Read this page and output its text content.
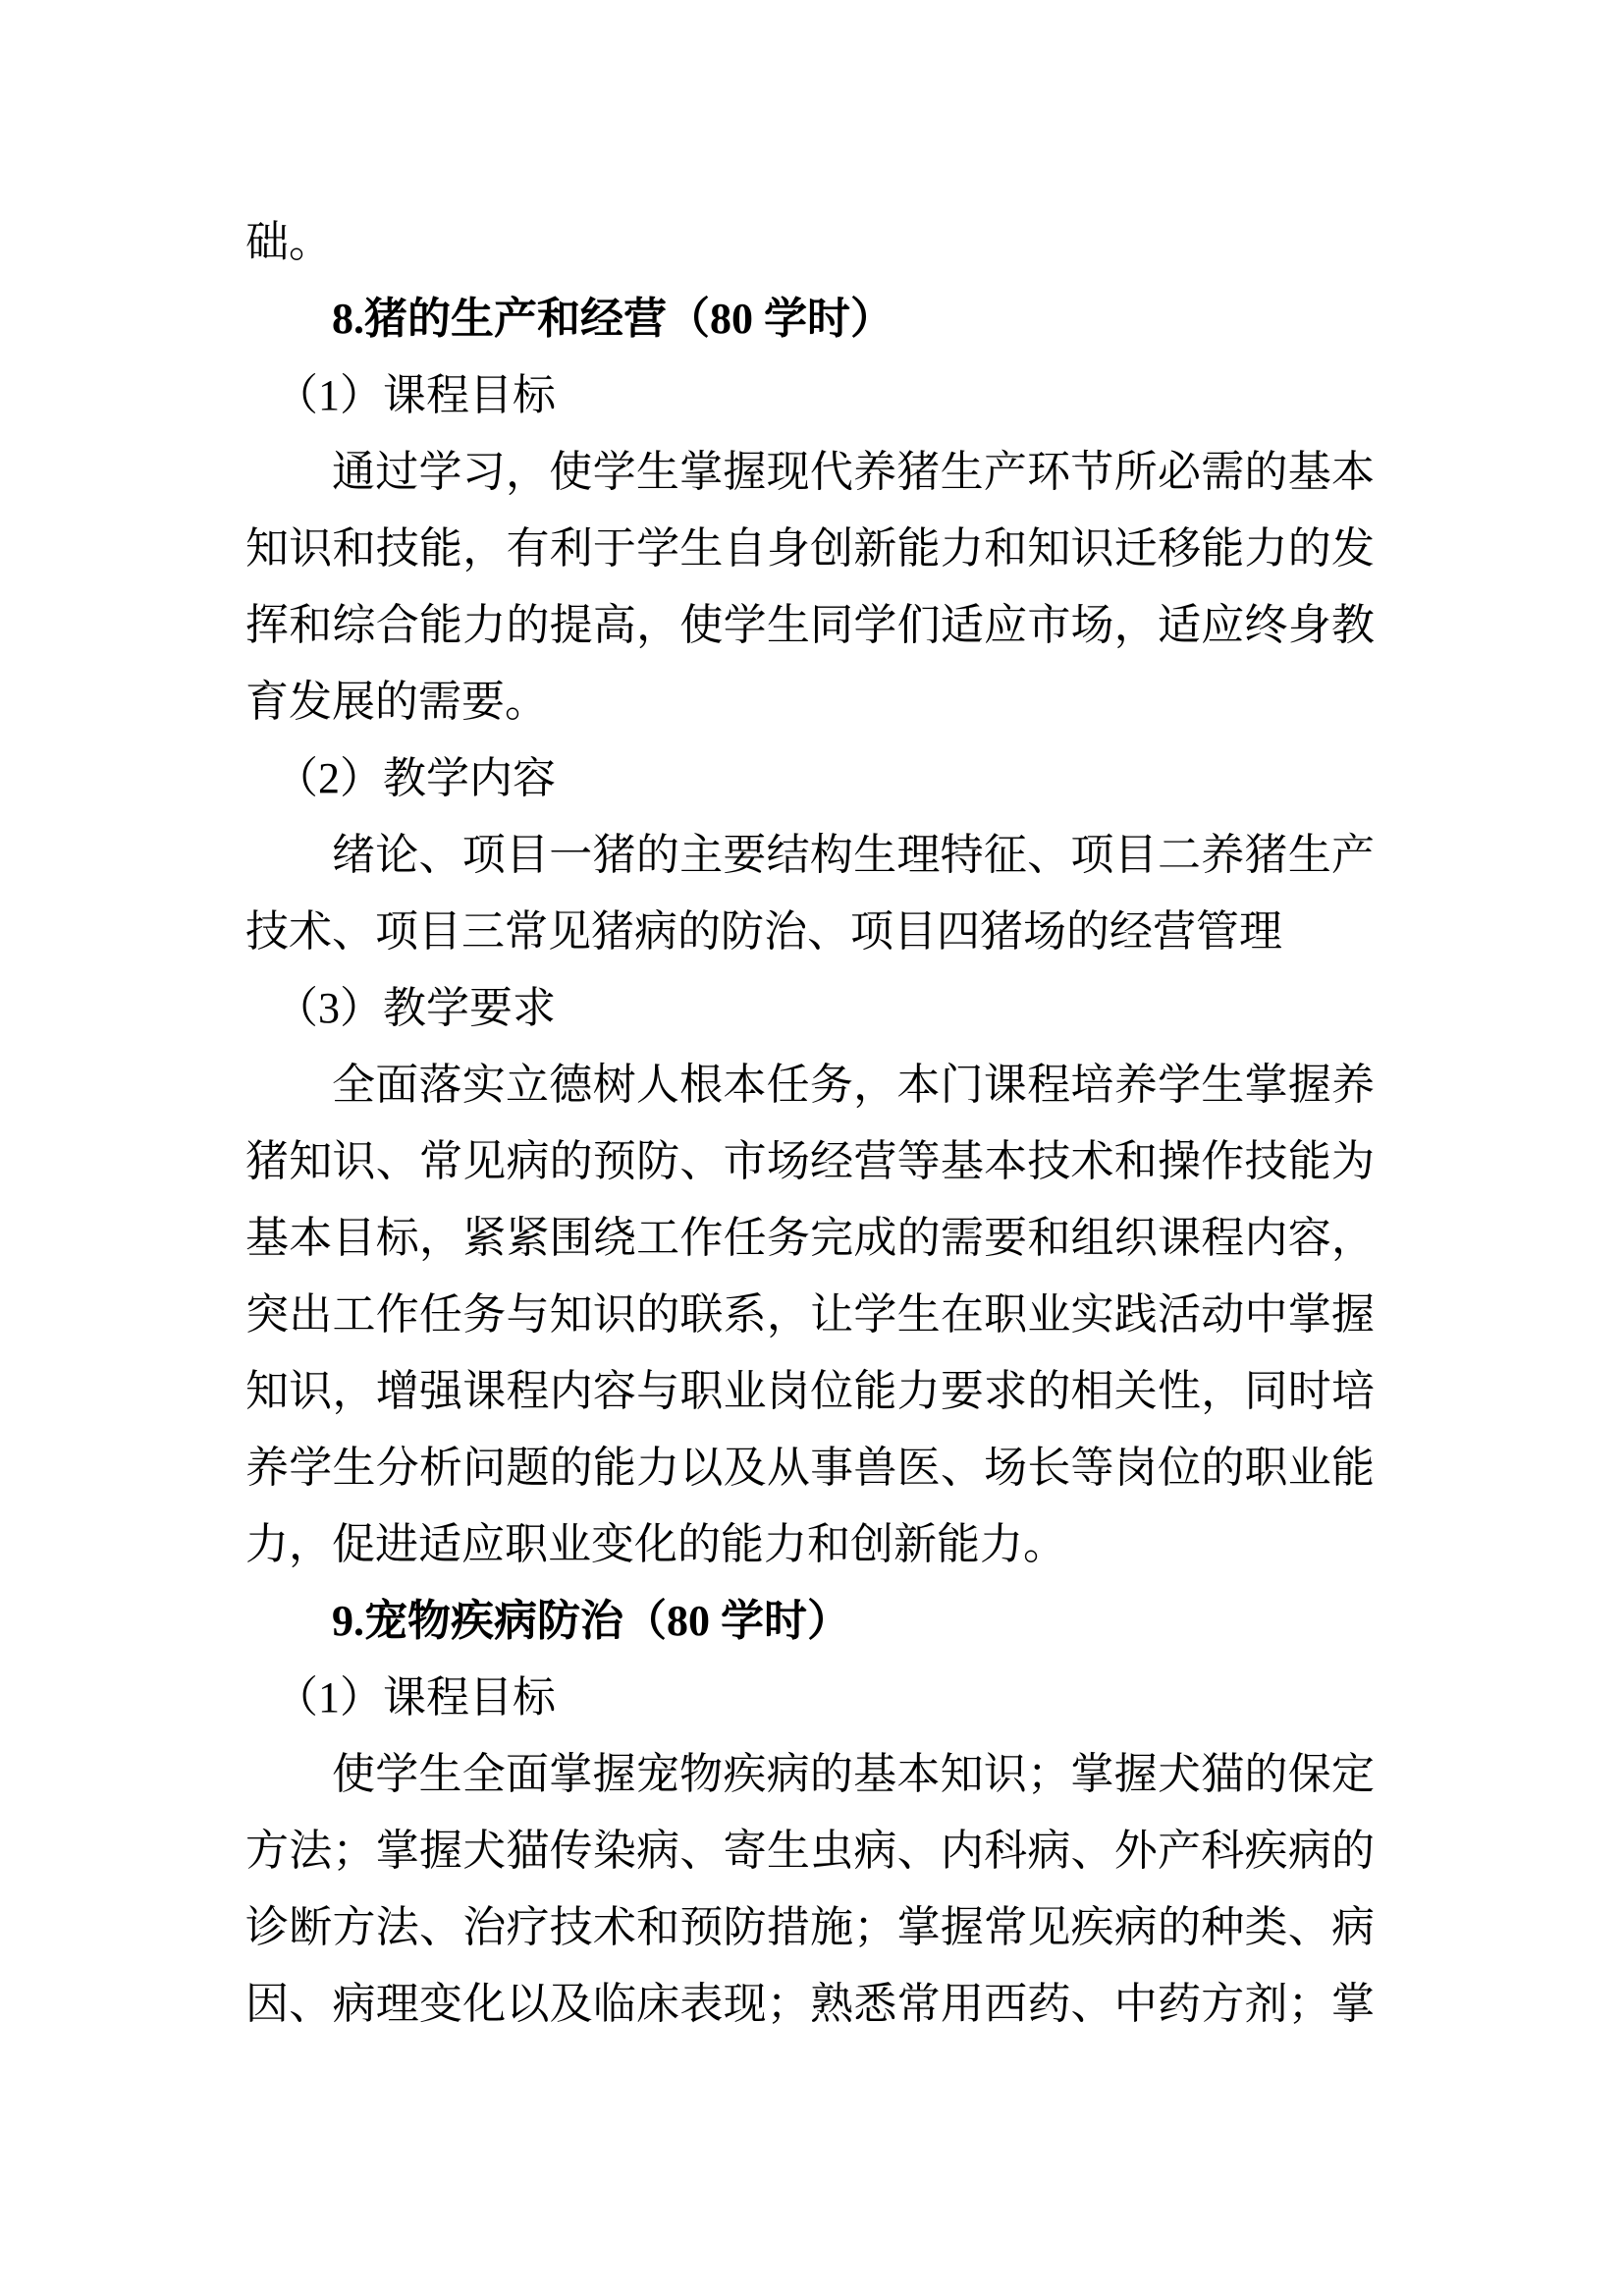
础。
8.猪的生产和经营（80 学时）
（1）课程目标
通过学习，使学生掌握现代养猪生产环节所必需的基本
知识和技能，有利于学生自身创新能力和知识迁移能力的发
挥和综合能力的提高，使学生同学们适应市场，适应终身教
育发展的需要。
（2）教学内容
绪论、项目一猪的主要结构生理特征、项目二养猪生产
技术、项目三常见猪病的防治、项目四猪场的经营管理
（3）教学要求
全面落实立德树人根本任务，本门课程培养学生掌握养
猪知识、常见病的预防、市场经营等基本技术和操作技能为
基本目标，紧紧围绕工作任务完成的需要和组织课程内容，
突出工作任务与知识的联系，让学生在职业实践活动中掌握
知识，增强课程内容与职业岗位能力要求的相关性，同时培
养学生分析问题的能力以及从事兽医、场长等岗位的职业能
力，促进适应职业变化的能力和创新能力。
9.宠物疾病防治（80 学时）
（1）课程目标
使学生全面掌握宠物疾病的基本知识；掌握犬猫的保定
方法；掌握犬猫传染病、寄生虫病、内科病、外产科疾病的
诊断方法、治疗技术和预防措施；掌握常见疾病的种类、病
因、病理变化以及临床表现；熟悉常用西药、中药方剂；掌
